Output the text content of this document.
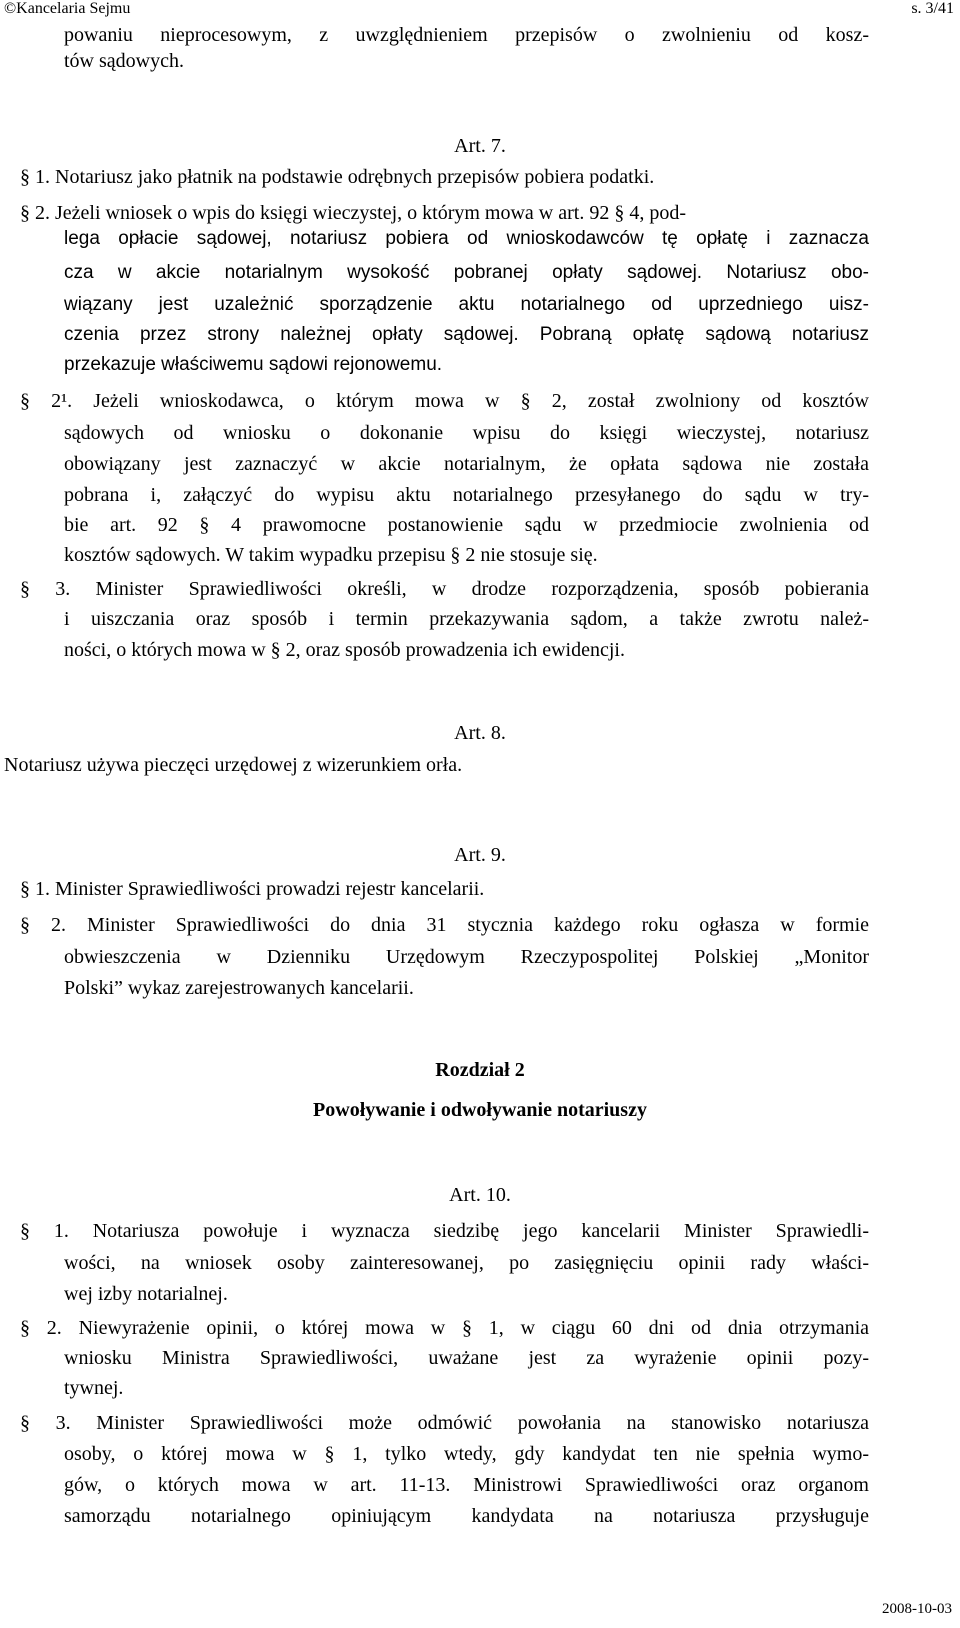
©Kancelaria Sejmu	s. 3/41
powaniu nieprocesowym, z uwzględnieniem przepisów o zwolnieniu od kosz-
tów sądowych.
Art. 7.
§ 1. Notariusz jako płatnik na podstawie odrębnych przepisów pobiera podatki.
§ 2. Jeżeli wniosek o wpis do księgi wieczystej, o którym mowa w art. 92 § 4, pod-
lega opłacie sądowej, notariusz pobiera od wnioskodawców tę opłatę i zaznacza
cza w akcie notarialnym wysokość pobranej opłaty sądowej. Notariusz obo-
wiązany jest uzależnić sporządzenie aktu notarialnego od uprzedniego uisz-
czenia przez strony należnej opłaty sądowej. Pobraną opłatę sądową notariusz
przekazuje właściwemu sądowi rejonowemu.
§ 2¹. Jeżeli wnioskodawca, o którym mowa w § 2, został zwolniony od kosztów
sądowych od wniosku o dokonanie wpisu do księgi wieczystej, notariusz
obowiązany jest zaznaczyć w akcie notarialnym, że opłata sądowa nie została
pobrana i, załączyć do wypisu aktu notarialnego przesyłanego do sądu w try-
bie art. 92 § 4 prawomocne postanowienie sądu w przedmiocie zwolnienia od
kosztów sądowych. W takim wypadku przepisu § 2 nie stosuje się.
§ 3. Minister Sprawiedliwości określi, w drodze rozporządzenia, sposób pobierania
i uiszczania oraz sposób i termin przekazywania sądom, a także zwrotu należ-
ności, o których mowa w § 2, oraz sposób prowadzenia ich ewidencji.
Art. 8.
Notariusz używa pieczęci urzędowej z wizerunkiem orła.
Art. 9.
§ 1. Minister Sprawiedliwości prowadzi rejestr kancelarii.
§ 2. Minister Sprawiedliwości do dnia 31 stycznia każdego roku ogłasza w formie
obwieszczenia w Dzienniku Urzędowym Rzeczypospolitej Polskiej „Monitor
Polski” wykaz zarejestrowanych kancelarii.
Rozdział 2
Powoływanie i odwoływanie notariuszy
Art. 10.
§ 1. Notariusza powołuje i wyznacza siedzibę jego kancelarii Minister Sprawiedli-
wości, na wniosek osoby zainteresowanej, po zasięgnięciu opinii rady właści-
wej izby notarialnej.
§ 2. Niewyrażenie opinii, o której mowa w § 1, w ciągu 60 dni od dnia otrzymania
wniosku Ministra Sprawiedliwości, uważane jest za wyrażenie opinii pozy-
tywnej.
§ 3. Minister Sprawiedliwości może odmówić powołania na stanowisko notariusza
osoby, o której mowa w § 1, tylko wtedy, gdy kandydat ten nie spełnia wymo-
gów, o których mowa w art. 11-13. Ministrowi Sprawiedliwości oraz organom
samorządu notarialnego opiniującym kandydata na notariusza przysługuje
2008-10-03
